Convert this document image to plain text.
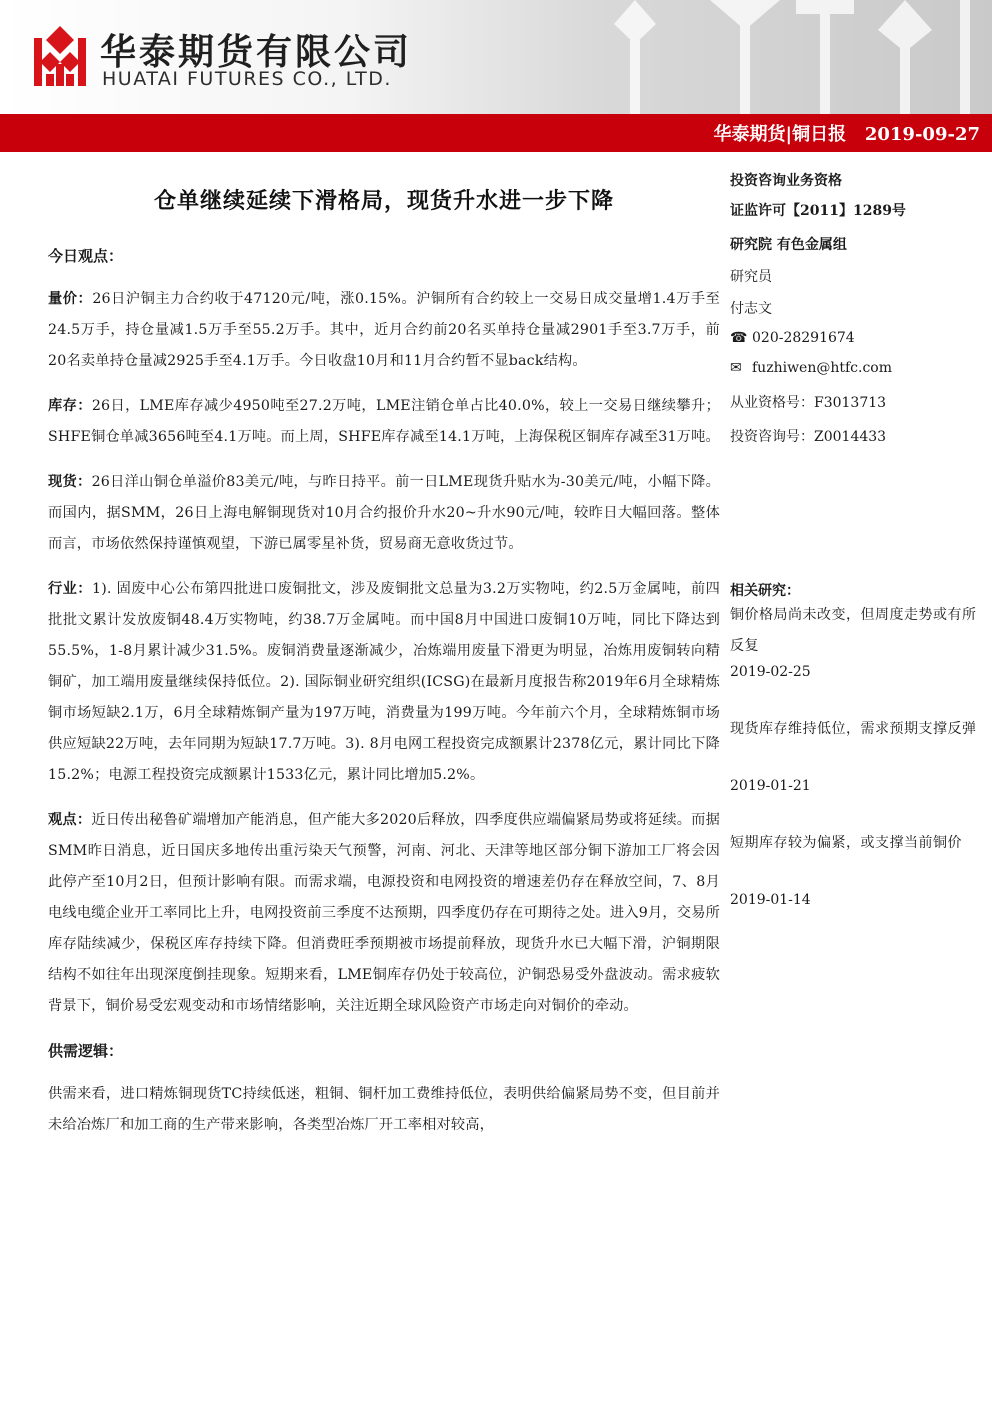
华泰期货有限公司
HUATAI FUTURES CO., LTD.
华泰期货|铜日报   2019-09-27
仓单继续延续下滑格局，现货升水进一步下降

今日观点：

量价：26日沪铜主力合约收于47120元/吨，涨0.15%。沪铜所有合约较上一交易日成交量增1.4万手至24.5万手，持仓量减1.5万手至55.2万手。其中，近月合约前20名买单持仓量减2901手至3.7万手，前20名卖单持仓量减2925手至4.1万手。今日收盘10月和11月合约暂不显back结构。

库存：26日，LME库存减少4950吨至27.2万吨，LME注销仓单占比40.0%，较上一交易日继续攀升；SHFE铜仓单减3656吨至4.1万吨。而上周，SHFE库存减至14.1万吨，上海保税区铜库存减至31万吨。

现货：26日洋山铜仓单溢价83美元/吨，与昨日持平。前一日LME现货升贴水为-30美元/吨，小幅下降。而国内，据SMM，26日上海电解铜现货对10月合约报价升水20~升水90元/吨，较昨日大幅回落。整体而言，市场依然保持谨慎观望，下游已属零星补货，贸易商无意收货过节。

行业：1). 固废中心公布第四批进口废铜批文，涉及废铜批文总量为3.2万实物吨，约2.5万金属吨，前四批批文累计发放废铜48.4万实物吨，约38.7万金属吨。而中国8月中国进口废铜10万吨，同比下降达到55.5%，1-8月累计减少31.5%。废铜消费量逐渐减少，冶炼端用废量下滑更为明显，冶炼用废铜转向精铜矿，加工端用废量继续保持低位。2). 国际铜业研究组织(ICSG)在最新月度报告称2019年6月全球精炼铜市场短缺2.1万，6月全球精炼铜产量为197万吨，消费量为199万吨。今年前六个月，全球精炼铜市场供应短缺22万吨，去年同期为短缺17.7万吨。3). 8月电网工程投资完成额累计2378亿元，累计同比下降15.2%；电源工程投资完成额累计1533亿元，累计同比增加5.2%。

观点：近日传出秘鲁矿端增加产能消息，但产能大多2020后释放，四季度供应端偏紧局势或将延续。而据SMM昨日消息，近日国庆多地传出重污染天气预警，河南、河北、天津等地区部分铜下游加工厂将会因此停产至10月2日，但预计影响有限。而需求端，电源投资和电网投资的增速差仍存在释放空间，7、8月电线电缆企业开工率同比上升，电网投资前三季度不达预期，四季度仍存在可期待之处。进入9月，交易所库存陆续减少，保税区库存持续下降。但消费旺季预期被市场提前释放，现货升水已大幅下滑，沪铜期限结构不如往年出现深度倒挂现象。短期来看，LME铜库存仍处于较高位，沪铜恐易受外盘波动。需求疲软背景下，铜价易受宏观变动和市场情绪影响，关注近期全球风险资产市场走向对铜价的牵动。

供需逻辑：

供需来看，进口精炼铜现货TC持续低迷，粗铜、铜杆加工费维持低位，表明供给偏紧局势不变，但目前并未给冶炼厂和加工商的生产带来影响，各类型冶炼厂开工率相对较高，

投资咨询业务资格
证监许可【2011】1289号
研究院 有色金属组
研究员
付志文
☎ 020-28291674
✉ fuzhiwen@htfc.com
从业资格号：F3013713
投资咨询号：Z0014433
相关研究：
铜价格局尚未改变，但周度走势或有所反复
2019-02-25
现货库存维持低位，需求预期支撑反弹
2019-01-21
短期库存较为偏紧，或支撑当前铜价
2019-01-14
